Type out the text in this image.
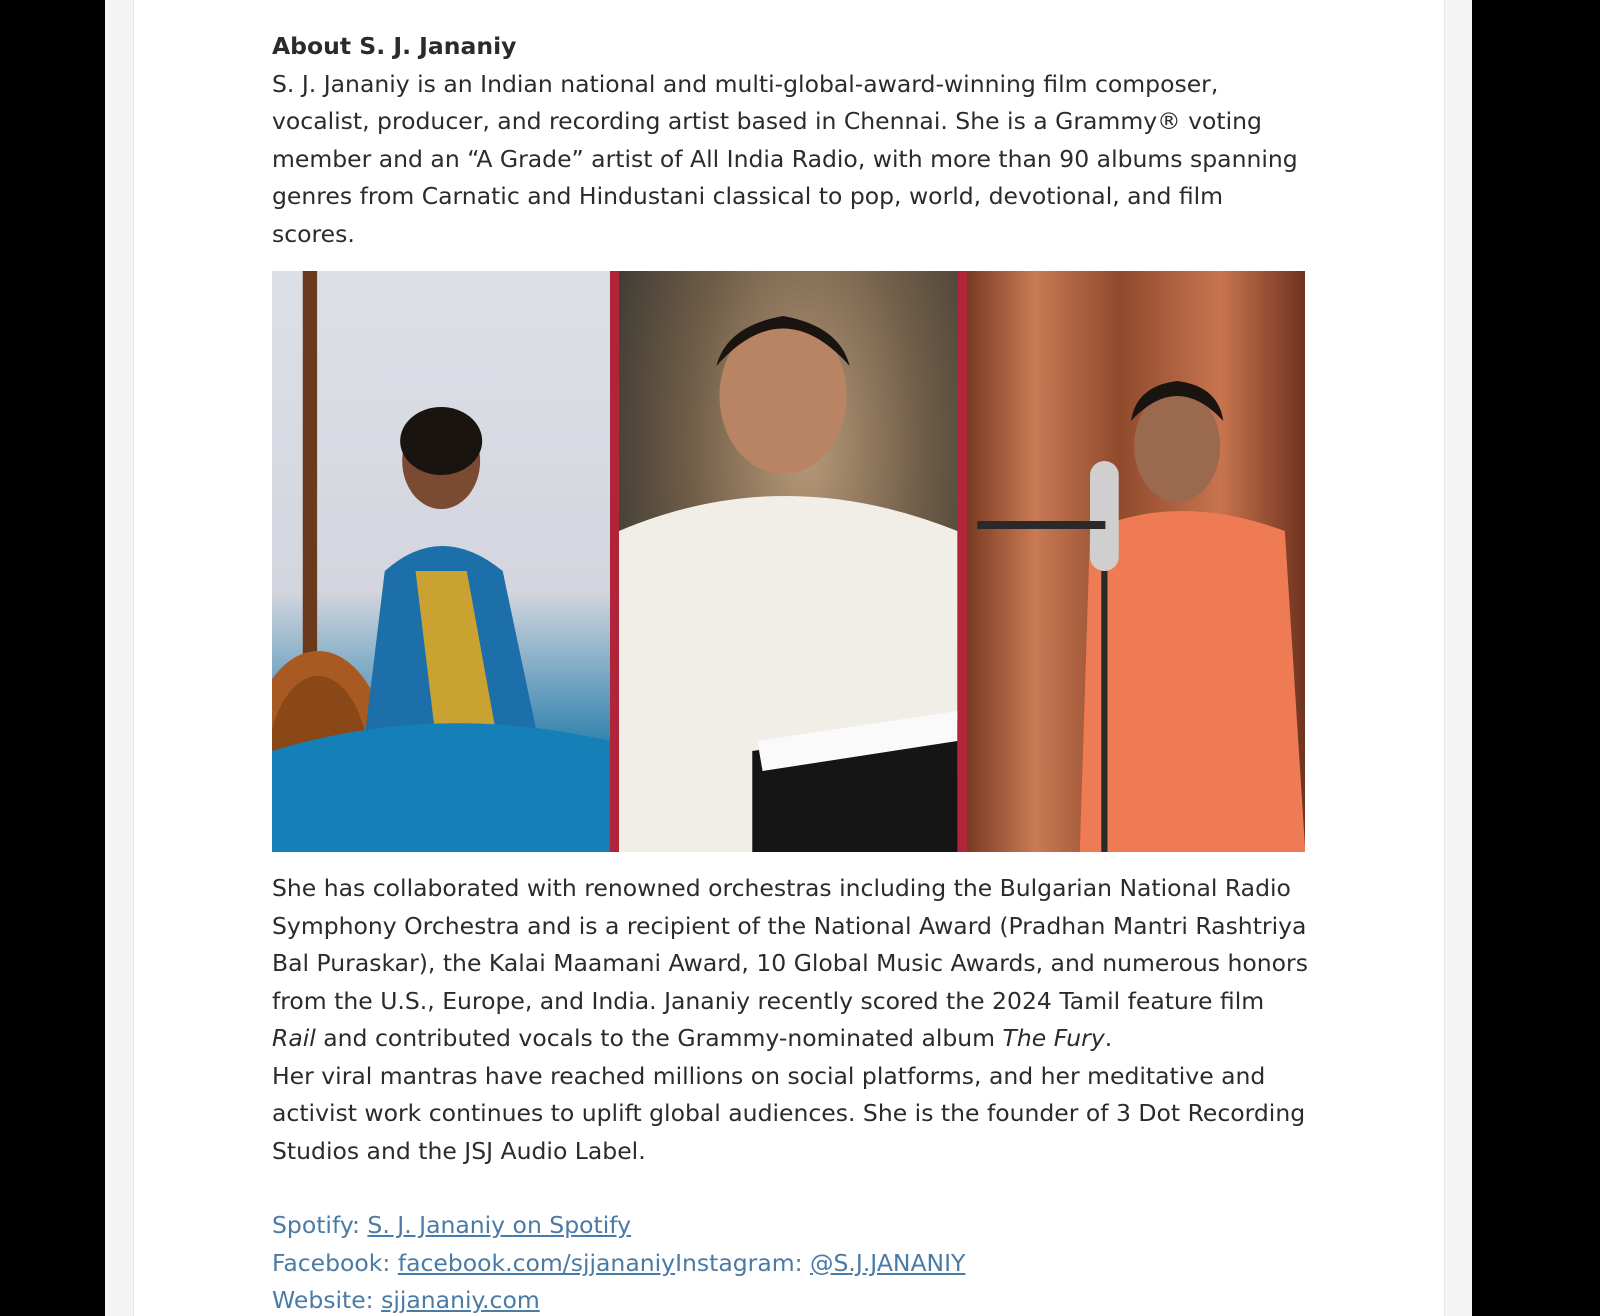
About S. J. Jananiy

S. J. Jananiy is an Indian national and multi-global-award-winning film composer, vocalist, producer, and recording artist based in Chennai. She is a Grammy® voting member and an “A Grade” artist of All India Radio, with more than 90 albums spanning genres from Carnatic and Hindustani classical to pop, world, devotional, and film scores.

She has collaborated with renowned orchestras including the Bulgarian National Radio Symphony Orchestra and is a recipient of the National Award (Pradhan Mantri Rashtriya Bal Puraskar), the Kalai Maamani Award, 10 Global Music Awards, and numerous honors from the U.S., Europe, and India. Jananiy recently scored the 2024 Tamil feature film Rail and contributed vocals to the Grammy-nominated album The Fury.

Her viral mantras have reached millions on social platforms, and her meditative and activist work continues to uplift global audiences. She is the founder of 3 Dot Recording Studios and the JSJ Audio Label.

Spotify: S. J. Jananiy on Spotify
Facebook: facebook.com/sjjananiyInstagram: @S.J.JANANIY
Website: sjjananiy.com
